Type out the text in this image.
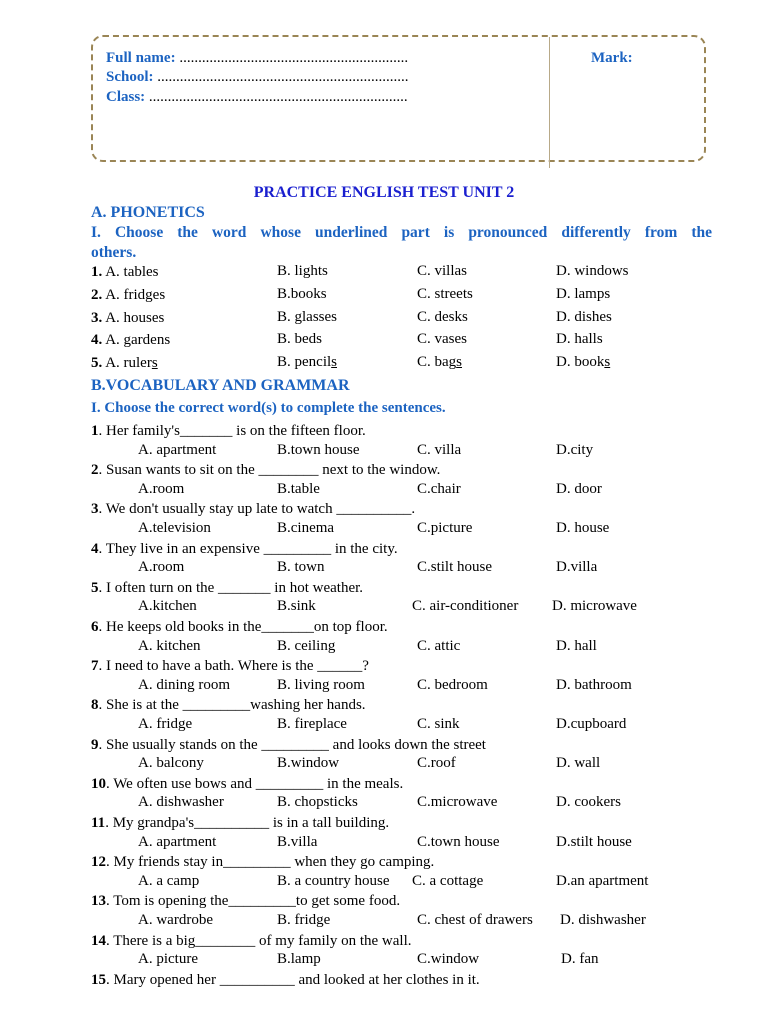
Full name: .............................................................
School: ...................................................................
Class: .....................................................................
Mark:
PRACTICE ENGLISH TEST UNIT 2
A. PHONETICS
I. Choose the word whose underlined part is pronounced differently from the
others.
1. A. tables	B. lights	C. villas	D. windows
2. A. fridges	B.books	C. streets	D. lamps
3. A. houses	B. glasses	C. desks	D. dishes
4. A. gardens	B. beds	C. vases	D. halls
5. A. rulers	B. pencils	C. bags	D. books
B.VOCABULARY AND GRAMMAR
I. Choose the correct word(s) to complete the sentences.
1. Her family's_______ is on the fifteen floor.
A. apartment	B.town house	C. villa	D.city
2. Susan wants to sit on the ________ next to the window.
A.room	B.table	C.chair	D. door
3. We don't usually stay up late to watch __________.
A.television	B.cinema	C.picture	D. house
4. They live in an expensive _________ in the city.
A.room	B. town	C.stilt house	D.villa
5. I often turn on the _______ in hot weather.
A.kitchen	B.sink	C. air-conditioner D. microwave
6. He keeps old books in the_______on top floor.
A. kitchen	B. ceiling	C. attic	D. hall
7. I need to have a bath. Where is the ______?
A. dining room	B. living room	C. bedroom	D. bathroom
8. She is at the _________washing her hands.
A. fridge	B. fireplace	C. sink	D.cupboard
9. She usually stands on the _________ and looks down the street
A. balcony	B.window	C.roof	D. wall
10. We often use bows and _________ in the meals.
A. dishwasher	B. chopsticks	C.microwave	D. cookers
11. My grandpa's__________ is in a tall building.
A. apartment	B.villa	C.town house	D.stilt house
12. My friends stay in_________ when they go camping.
A. a camp	B. a country house C. a cottage	D.an apartment
13. Tom is opening the_________to get some food.
A. wardrobe	B. fridge	C. chest of drawers D. dishwasher
14. There is a big________ of my family on the wall.
A. picture	B.lamp	C.window	D. fan
15. Mary opened her __________ and looked at her clothes in it.
